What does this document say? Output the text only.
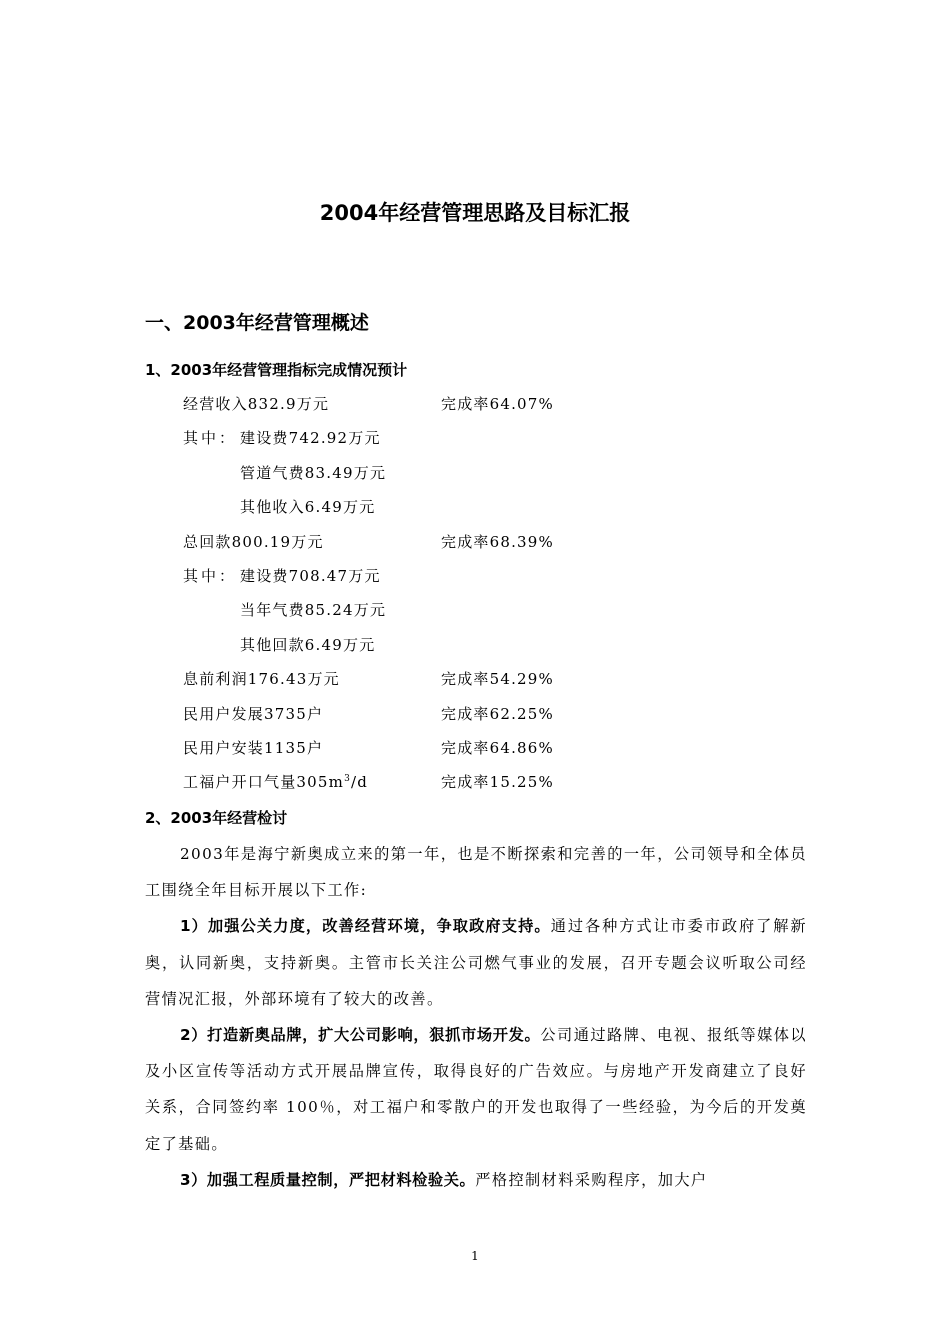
2004年经营管理思路及目标汇报
一、2003年经营管理概述
1、2003年经营管理指标完成情况预计
经营收入832.9万元	完成率64.07%
其中： 建设费742.92万元
管道气费83.49万元
其他收入6.49万元
总回款800.19万元	完成率68.39%
其中： 建设费708.47万元
当年气费85.24万元
其他回款6.49万元
息前利润176.43万元	完成率54.29%
民用户发展3735户	完成率62.25%
民用户安装1135户	完成率64.86%
工福户开口气量$305m^3/d$	完成率15.25%
2、2003年经营检讨

2003年是海宁新奥成立来的第一年，也是不断探索和完善的一年，公司领导和全体员工围绕全年目标开展以下工作:

1）加强公关力度，改善经营环境，争取政府支持。通过各种方式让市委市政府了解新奥，认同新奥，支持新奥。主管市长关注公司燃气事业的发展，召开专题会议听取公司经营情况汇报，外部环境有了较大的改善。

2）打造新奥品牌，扩大公司影响，狠抓市场开发。公司通过路牌、电视、报纸等媒体以及小区宣传等活动方式开展品牌宣传，取得良好的广告效应。与房地产开发商建立了良好关系，合同签约率 100％，对工福户和零散户的开发也取得了一些经验，为今后的开发奠定了基础。

3）加强工程质量控制，严把材料检验关。严格控制材料采购程序，加大户

1
